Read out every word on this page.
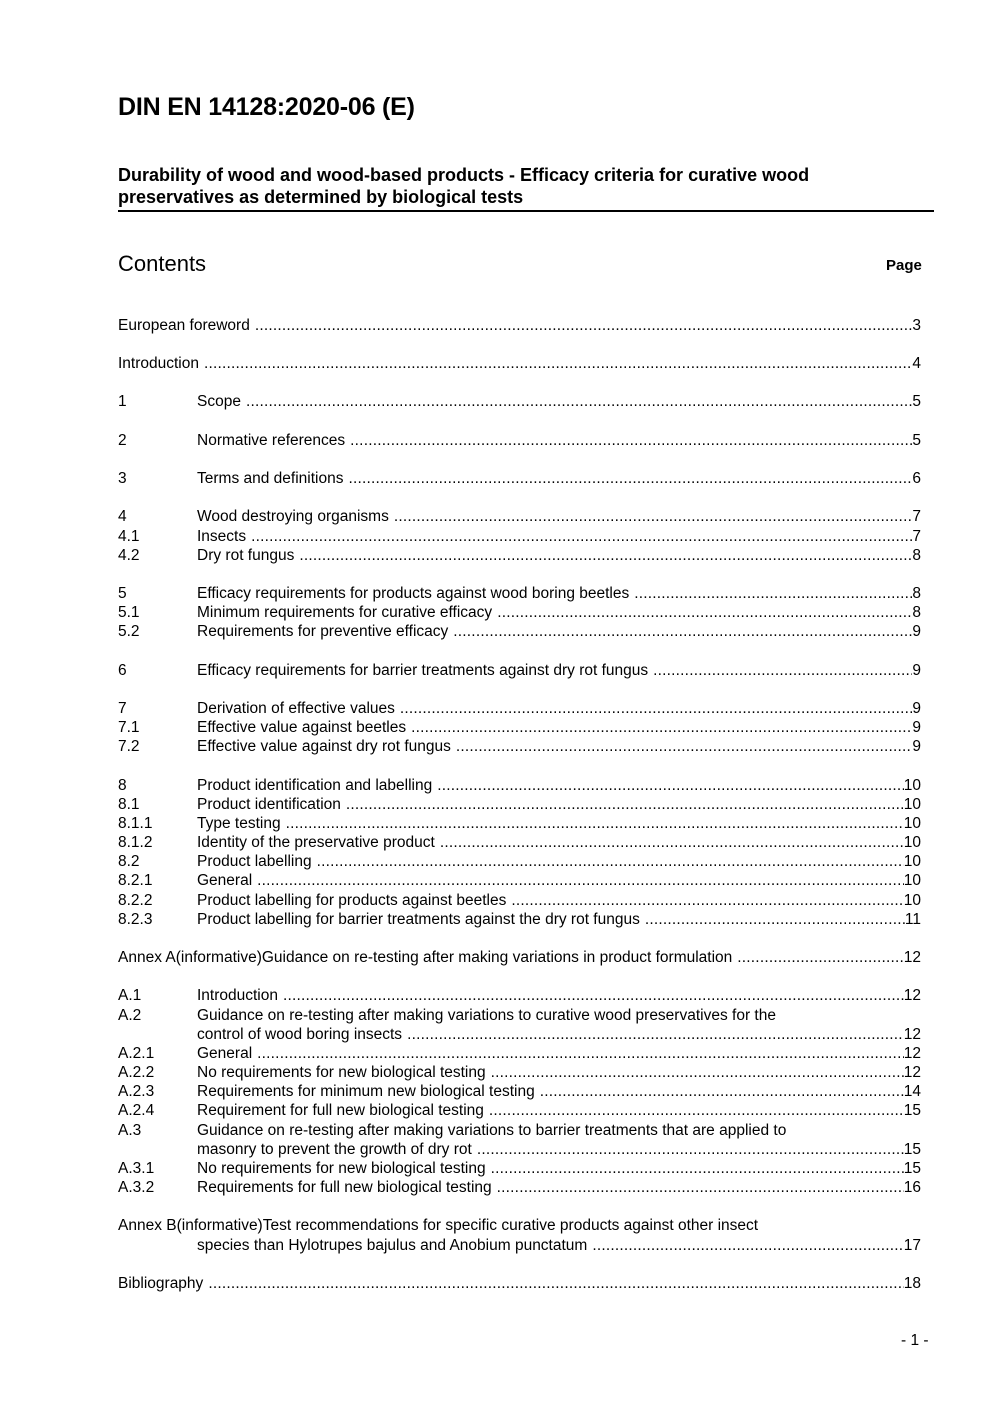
DIN EN 14128:2020-06 (E)
Durability of wood and wood-based products - Efficacy criteria for curative wood preservatives as determined by biological tests
Contents	Page
European foreword .....	3
Introduction .....	4
1	Scope .....	5
2	Normative references .....	5
3	Terms and definitions .....	6
4	Wood destroying organisms .....	7
4.1	Insects .....	7
4.2	Dry rot fungus .....	8
5	Efficacy requirements for products against wood boring beetles .....	8
5.1	Minimum requirements for curative efficacy .....	8
5.2	Requirements for preventive efficacy .....	9
6	Efficacy requirements for barrier treatments against dry rot fungus .....	9
7	Derivation of effective values .....	9
7.1	Effective value against beetles .....	9
7.2	Effective value against dry rot fungus .....	9
8	Product identification and labelling .....	10
8.1	Product identification .....	10
8.1.1	Type testing .....	10
8.1.2	Identity of the preservative product .....	10
8.2	Product labelling .....	10
8.2.1	General .....	10
8.2.2	Product labelling for products against beetles .....	10
8.2.3	Product labelling for barrier treatments against the dry rot fungus .....	11
Annex A(informative)Guidance on re-testing after making variations in product formulation .....	12
A.1	Introduction .....	12
A.2	Guidance on re-testing after making variations to curative wood preservatives for the
control of wood boring insects .....	12
A.2.1	General .....	12
A.2.2	No requirements for new biological testing .....	12
A.2.3	Requirements for minimum new biological testing .....	14
A.2.4	Requirement for full new biological testing .....	15
A.3	Guidance on re-testing after making variations to barrier treatments that are applied to
masonry to prevent the growth of dry rot .....	15
A.3.1	No requirements for new biological testing .....	15
A.3.2	Requirements for full new biological testing .....	16
Annex B(informative)Test recommendations for specific curative products against other insect
species than Hylotrupes bajulus and Anobium punctatum .....	17
Bibliography .....	18
- 1 -
